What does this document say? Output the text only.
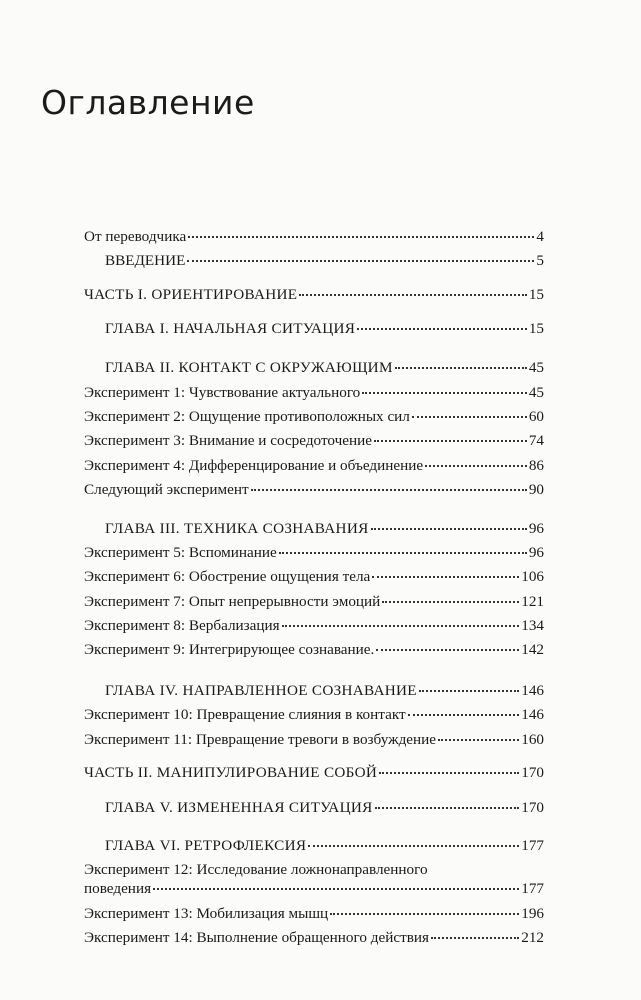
Оглавление
От переводчика	4
ВВЕДЕНИЕ	5
ЧАСТЬ I. ОРИЕНТИРОВАНИЕ	15
ГЛАВА I. НАЧАЛЬНАЯ СИТУАЦИЯ	15
ГЛАВА II. КОНТАКТ С ОКРУЖАЮЩИМ	45
Эксперимент 1: Чувствование актуального	45
Эксперимент 2: Ощущение противоположных сил	60
Эксперимент 3: Внимание и сосредоточение	74
Эксперимент 4: Дифференцирование и объединение	86
Следующий эксперимент	90
ГЛАВА III. ТЕХНИКА СОЗНАВАНИЯ	96
Эксперимент 5: Вспоминание	96
Эксперимент 6: Обострение ощущения тела	106
Эксперимент 7: Опыт непрерывности эмоций	121
Эксперимент 8: Вербализация	134
Эксперимент 9: Интегрирующее сознавание.	142
ГЛАВА IV. НАПРАВЛЕННОЕ СОЗНАВАНИЕ	146
Эксперимент 10: Превращение слияния в контакт	146
Эксперимент 11: Превращение тревоги в возбуждение	160
ЧАСТЬ II. МАНИПУЛИРОВАНИЕ СОБОЙ	170
ГЛАВА V. ИЗМЕНЕННАЯ СИТУАЦИЯ	170
ГЛАВА VI. РЕТРОФЛЕКСИЯ	177
Эксперимент 12: Исследование ложнонаправленного
поведения	177
Эксперимент 13: Мобилизация мышц	196
Эксперимент 14: Выполнение обращенного действия	212
